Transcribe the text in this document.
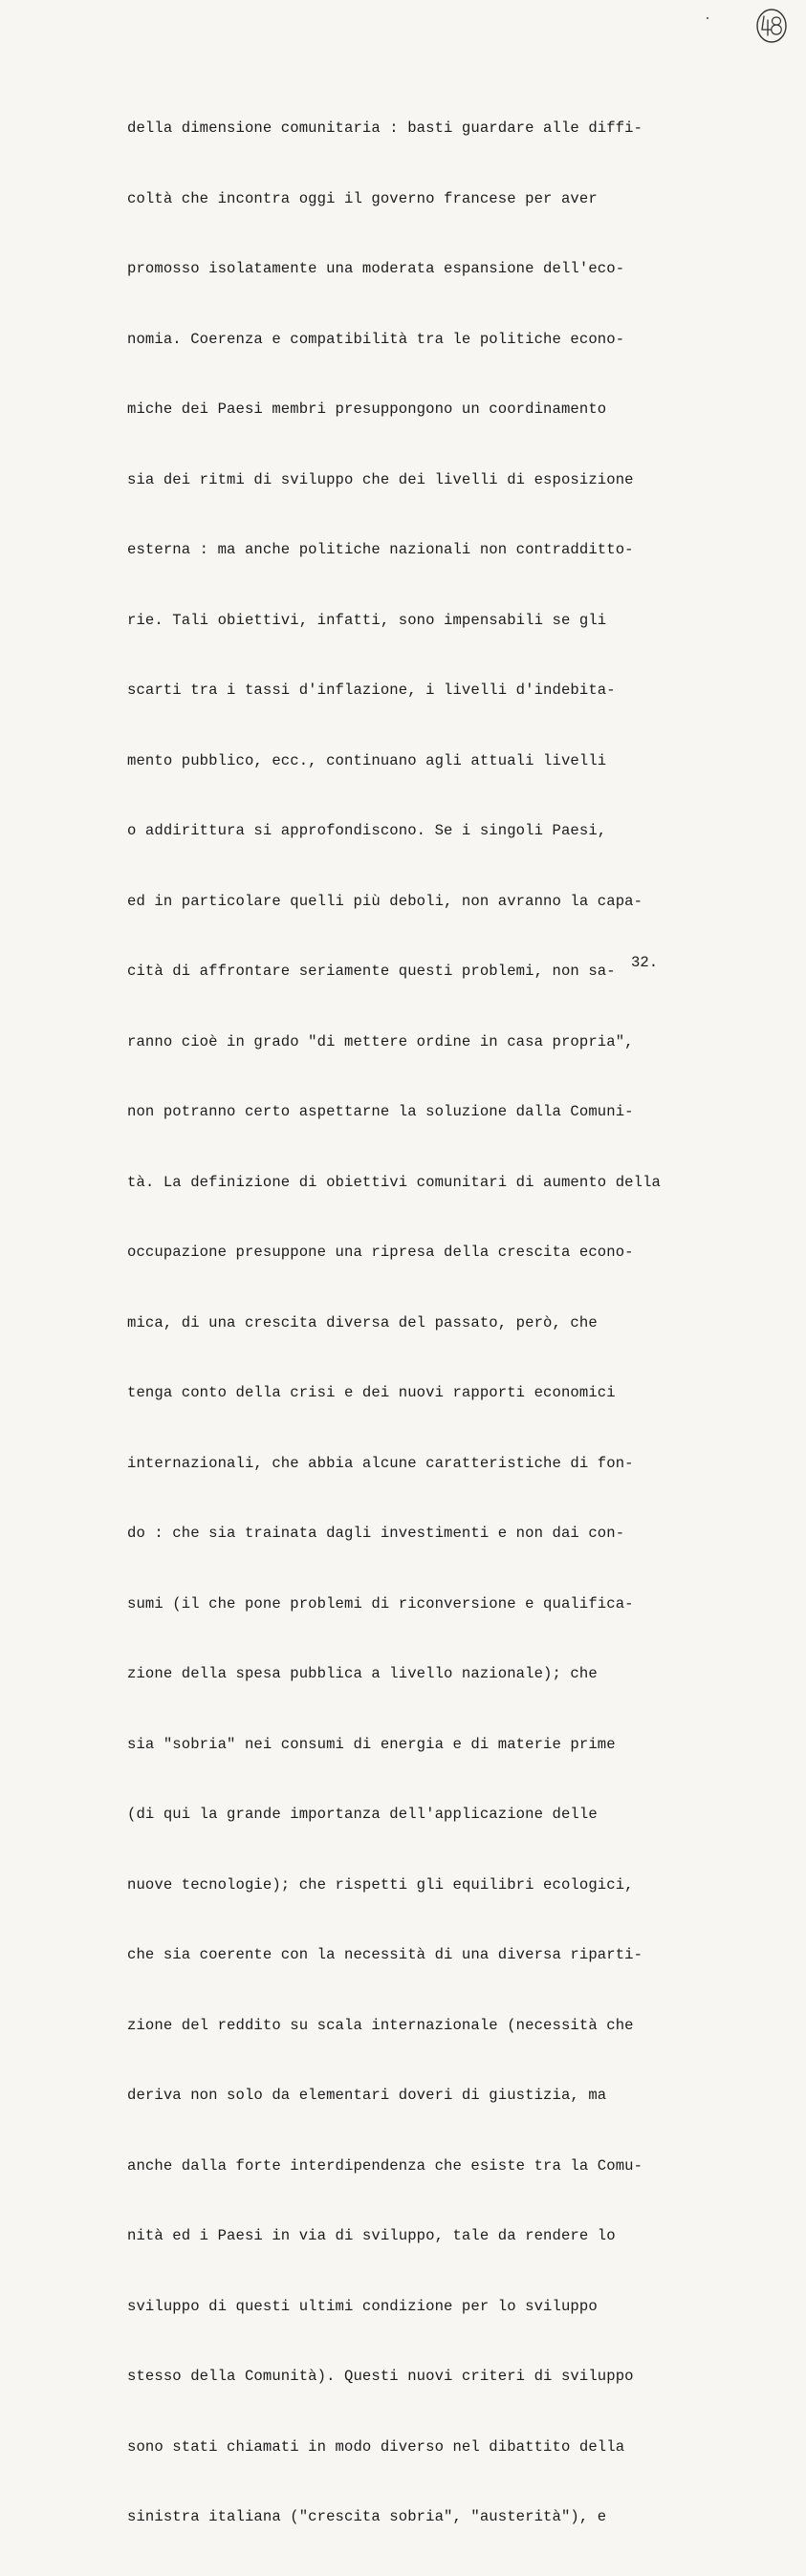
della dimensione comunitaria : basti guardare alle diffi-

coltà che incontra oggi il governo francese per aver

promosso isolatamente una moderata espansione dell'eco-

nomia. Coerenza e compatibilità tra le politiche econo-

miche dei Paesi membri presuppongono un coordinamento

sia dei ritmi di sviluppo che dei livelli di esposizione

esterna : ma anche politiche nazionali non contradditto-

rie. Tali obiettivi, infatti, sono impensabili se gli

scarti tra i tassi d'inflazione, i livelli d'indebita-

mento pubblico, ecc., continuano agli attuali livelli

o addirittura si approfondiscono. Se i singoli Paesi,

ed in particolare quelli più deboli, non avranno la capa-

cità di affrontare seriamente questi problemi, non sa-

ranno cioè in grado "di mettere ordine in casa propria",

non potranno certo aspettarne la soluzione dalla Comuni-

tà. La definizione di obiettivi comunitari di aumento della

occupazione presuppone una ripresa della crescita econo-

mica, di una crescita diversa del passato, però, che

tenga conto della crisi e dei nuovi rapporti economici

internazionali, che abbia alcune caratteristiche di fon-

do : che sia trainata dagli investimenti e non dai con-

sumi (il che pone problemi di riconversione e qualifica-

zione della spesa pubblica a livello nazionale); che

sia "sobria" nei consumi di energia e di materie prime

(di qui la grande importanza dell'applicazione delle

nuove tecnologie); che rispetti gli equilibri ecologici,

che sia coerente con la necessità di una diversa riparti-

zione del reddito su scala internazionale (necessità che

deriva non solo da elementari doveri di giustizia, ma

anche dalla forte interdipendenza che esiste tra la Comu-

nità ed i Paesi in via di sviluppo, tale da rendere lo

sviluppo di questi ultimi condizione per lo sviluppo

stesso della Comunità). Questi nuovi criteri di sviluppo

sono stati chiamati in modo diverso nel dibattito della

sinistra italiana ("crescita sobria", "austerità"), e

32.
